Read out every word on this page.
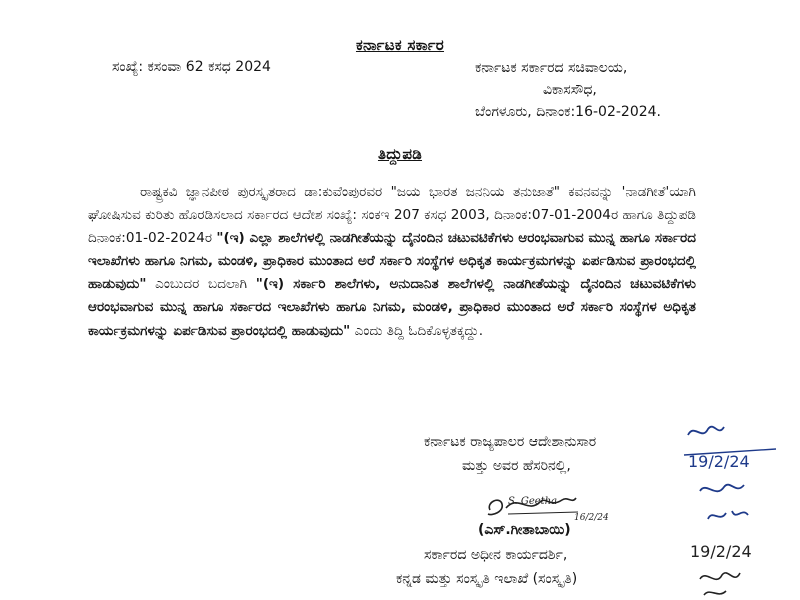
ಕರ್ನಾಟಕ ಸರ್ಕಾರ
ಸಂಖ್ಯೆ: ಕಸಂವಾ 62 ಕಸಧ 2024	ಕರ್ನಾಟಕ ಸರ್ಕಾರದ ಸಚಿವಾಲಯ,
ವಿಕಾಸಸೌಧ,
ಬೆಂಗಳೂರು, ದಿನಾಂಕ:16-02-2024.
ತಿದ್ದುಪಡಿ
ರಾಷ್ಟ್ರಕವಿ ಜ್ಞಾನಪೀಠ ಪುರಸ್ಕೃತರಾದ ಡಾ:ಕುವೆಂಪುರವರ "ಜಯ ಭಾರತ ಜನನಿಯ ತನುಜಾತೆ" ಕವನವನ್ನು 'ನಾಡಗೀತೆ'ಯಾಗಿ ಘೋಷಿಸುವ ಕುರಿತು ಹೊರಡಿಸಲಾದ ಸರ್ಕಾರದ ಆದೇಶ ಸಂಖ್ಯೆ: ಸಂಕಇ 207 ಕಸಧ 2003, ದಿನಾಂಕ:07-01-2004ರ ಹಾಗೂ ತಿದ್ದುಪಡಿ ದಿನಾಂಕ:01-02-2024ರ "(ಇ) ಎಲ್ಲಾ ಶಾಲೆಗಳಲ್ಲಿ ನಾಡಗೀತೆಯನ್ನು ದೈನಂದಿನ ಚಟುವಟಿಕೆಗಳು ಆರಂಭವಾಗುವ ಮುನ್ನ ಹಾಗೂ ಸರ್ಕಾರದ ಇಲಾಖೆಗಳು ಹಾಗೂ ನಿಗಮ, ಮಂಡಳಿ, ಪ್ರಾಧಿಕಾರ ಮುಂತಾದ ಅರೆ ಸರ್ಕಾರಿ ಸಂಸ್ಥೆಗಳ ಅಧಿಕೃತ ಕಾರ್ಯಕ್ರಮಗಳನ್ನು ಏರ್ಪಡಿಸುವ ಪ್ರಾರಂಭದಲ್ಲಿ ಹಾಡುವುದು" ಎಂಬುದರ ಬದಲಾಗಿ "(ಇ) ಸರ್ಕಾರಿ ಶಾಲೆಗಳು, ಅನುದಾನಿತ ಶಾಲೆಗಳಲ್ಲಿ ನಾಡಗೀತೆಯನ್ನು ದೈನಂದಿನ ಚಟುವಟಿಕೆಗಳು ಆರಂಭವಾಗುವ ಮುನ್ನ ಹಾಗೂ ಸರ್ಕಾರದ ಇಲಾಖೆಗಳು ಹಾಗೂ ನಿಗಮ, ಮಂಡಳಿ, ಪ್ರಾಧಿಕಾರ ಮುಂತಾದ ಅರೆ ಸರ್ಕಾರಿ ಸಂಸ್ಥೆಗಳ ಅಧಿಕೃತ ಕಾರ್ಯಕ್ರಮಗಳನ್ನು ಏರ್ಪಡಿಸುವ ಪ್ರಾರಂಭದಲ್ಲಿ ಹಾಡುವುದು" ಎಂದು ತಿದ್ದಿ ಓದಿಕೊಳ್ಳತಕ್ಕದ್ದು.
ಕರ್ನಾಟಕ ರಾಜ್ಯಪಾಲರ ಆದೇಶಾನುಸಾರ
ಮತ್ತು ಅವರ ಹೆಸರಿನಲ್ಲಿ,
S. Geetha
16/2/24
(ಎಸ್.ಗೀತಾಬಾಯಿ)
ಸರ್ಕಾರದ ಅಧೀನ ಕಾರ್ಯದರ್ಶಿ,
ಕನ್ನಡ ಮತ್ತು ಸಂಸ್ಕೃತಿ ಇಲಾಖೆ (ಸಂಸ್ಕೃತಿ)
19/2/24
19/2/24
